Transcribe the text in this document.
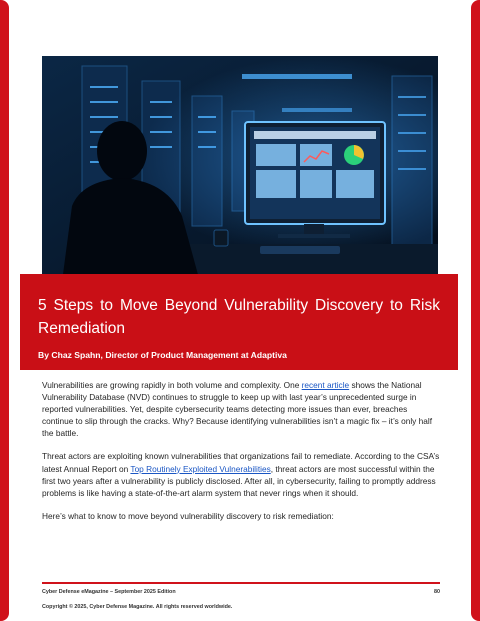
5 Steps to Move Beyond Vulnerability Discovery to Risk Remediation
By Chaz Spahn, Director of Product Management at Adaptiva

Vulnerabilities are growing rapidly in both volume and complexity. One recent article shows the National Vulnerability Database (NVD) continues to struggle to keep up with last year’s unprecedented surge in reported vulnerabilities. Yet, despite cybersecurity teams detecting more issues than ever, breaches continue to slip through the cracks. Why? Because identifying vulnerabilities isn’t a magic fix – it’s only half the battle.

Threat actors are exploiting known vulnerabilities that organizations fail to remediate. According to the CSA’s latest Annual Report on Top Routinely Exploited Vulnerabilities, threat actors are most successful within the first two years after a vulnerability is publicly disclosed. After all, in cybersecurity, failing to promptly address problems is like having a state-of-the-art alarm system that never rings when it should.

Here’s what to know to move beyond vulnerability discovery to risk remediation:

Cyber Defense eMagazine – September 2025 Edition	80
Copyright © 2025, Cyber Defense Magazine. All rights reserved worldwide.
